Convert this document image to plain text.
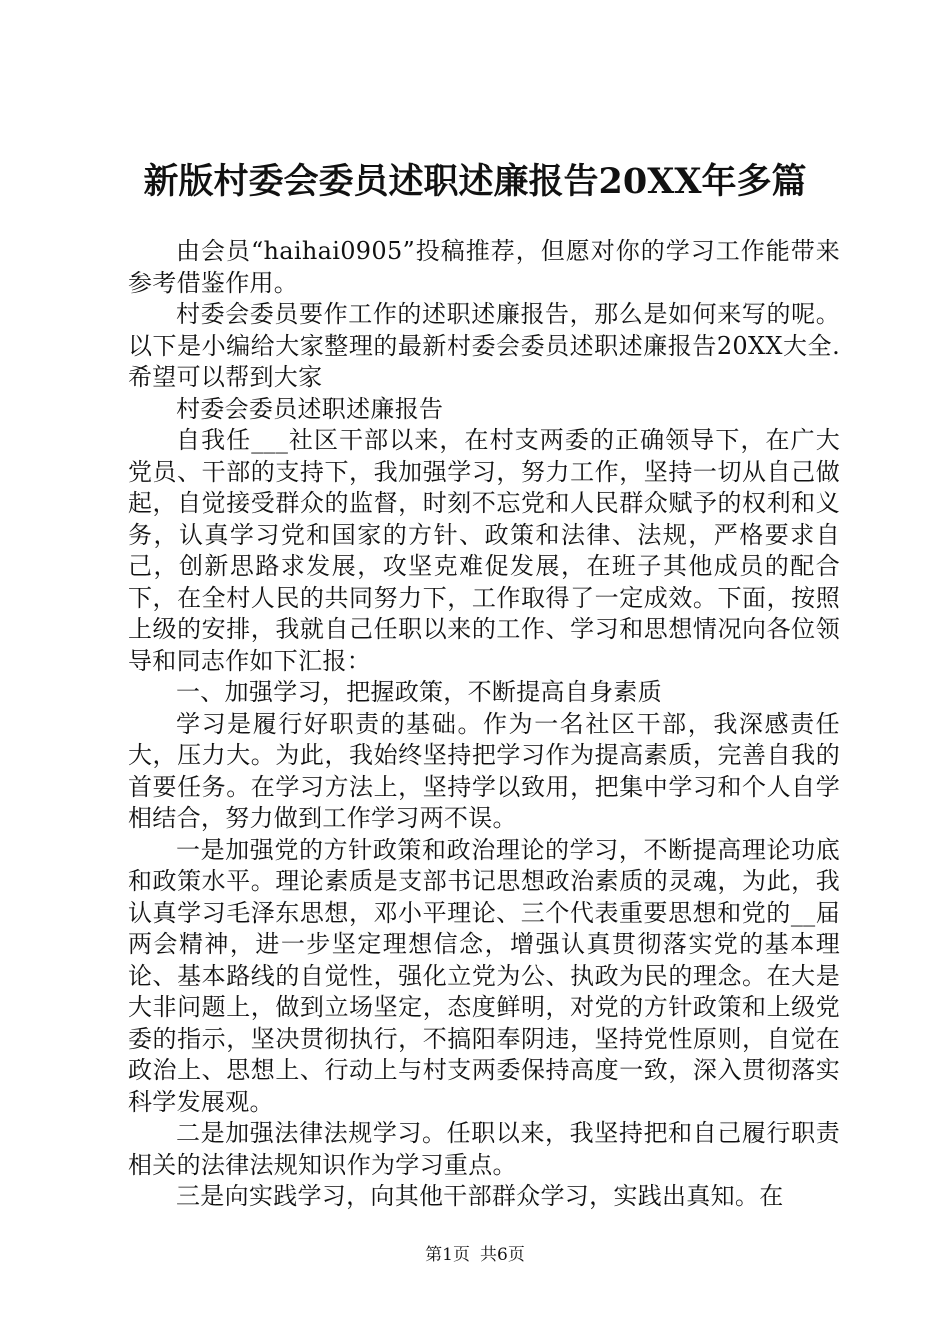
新版村委会委员述职述廉报告20XX年多篇

由会员“haihai0905”投稿推荐，但愿对你的学习工作能带来参考借鉴作用。

村委会委员要作工作的述职述廉报告，那么是如何来写的呢。以下是小编给大家整理的最新村委会委员述职述廉报告20XX大全.希望可以帮到大家

村委会委员述职述廉报告

自我任___社区干部以来，在村支两委的正确领导下，在广大党员、干部的支持下，我加强学习，努力工作，坚持一切从自己做起，自觉接受群众的监督，时刻不忘党和人民群众赋予的权利和义务，认真学习党和国家的方针、政策和法律、法规，严格要求自己，创新思路求发展，攻坚克难促发展，在班子其他成员的配合下，在全村人民的共同努力下，工作取得了一定成效。下面，按照上级的安排，我就自己任职以来的工作、学习和思想情况向各位领导和同志作如下汇报：

一、加强学习，把握政策，不断提高自身素质

学习是履行好职责的基础。作为一名社区干部，我深感责任大，压力大。为此，我始终坚持把学习作为提高素质，完善自我的首要任务。在学习方法上，坚持学以致用，把集中学习和个人自学相结合，努力做到工作学习两不误。

一是加强党的方针政策和政治理论的学习，不断提高理论功底和政策水平。理论素质是支部书记思想政治素质的灵魂，为此，我认真学习毛泽东思想，邓小平理论、三个代表重要思想和党的__届两会精神，进一步坚定理想信念，增强认真贯彻落实党的基本理论、基本路线的自觉性，强化立党为公、执政为民的理念。在大是大非问题上，做到立场坚定，态度鲜明，对党的方针政策和上级党委的指示，坚决贯彻执行，不搞阳奉阴违，坚持党性原则，自觉在政治上、思想上、行动上与村支两委保持高度一致，深入贯彻落实科学发展观。

二是加强法律法规学习。任职以来，我坚持把和自己履行职责相关的法律法规知识作为学习重点。

三是向实践学习，向其他干部群众学习，实践出真知。在

第1页 共6页
